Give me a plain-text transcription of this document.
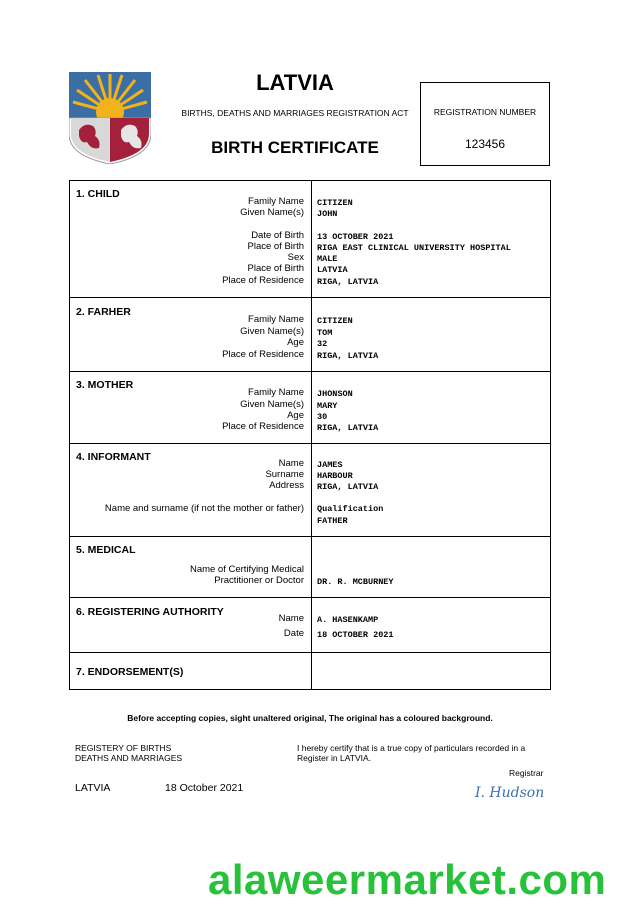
LATVIA
BIRTHS, DEATHS AND MARRIAGES REGISTRATION ACT
BIRTH CERTIFICATE
REGISTRATION NUMBER
123456
1. CHILD
Family Name CITIZEN
Given Name(s) JOHN
Date of Birth 13 OCTOBER 2021
Place of Birth RIGA EAST CLINICAL UNIVERSITY HOSPITAL
Sex MALE
Place of Birth LATVIA
Place of Residence RIGA, LATVIA
2. FARHER
Family Name CITIZEN
Given Name(s) TOM
Age 32
Place of Residence RIGA, LATVIA
3. MOTHER
Family Name JHONSON
Given Name(s) MARY
Age 30
Place of Residence RIGA, LATVIA
4. INFORMANT
Name JAMES
Surname HARBOUR
Address RIGA, LATVIA
Name and surname (if not the mother or father) Qualification
FATHER
5. MEDICAL
Name of Certifying Medical
Practitioner or Doctor DR. R. MCBURNEY
6. REGISTERING AUTHORITY
Name A. HASENKAMP
Date 18 OCTOBER 2021
7. ENDORSEMENT(S)
Before accepting copies, sight unaltered original, The original has a coloured background.
REGISTERY OF BIRTHS
DEATHS AND MARRIAGES
I hereby certify that is a true copy of particulars recorded in a
Register in LATVIA.
Registrar
LATVIA	18 October 2021	I. Hudson
alaweermarket.com
